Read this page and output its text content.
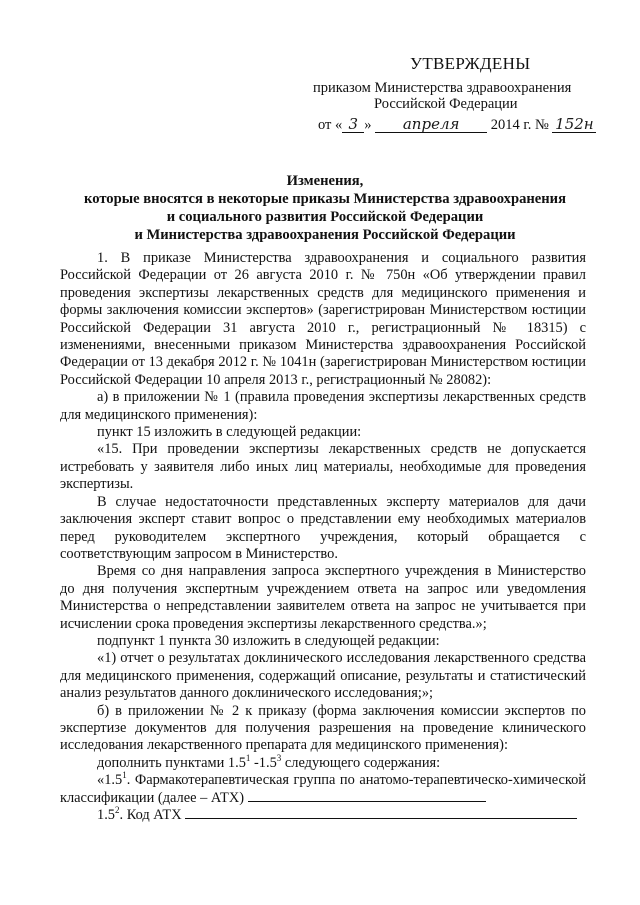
УТВЕРЖДЕНЫ
приказом Министерства здравоохранения
Российской Федерации
от « 3 » апреля 2014 г. № 152н
Изменения,
которые вносятся в некоторые приказы Министерства здравоохранения
и социального развития Российской Федерации
и Министерства здравоохранения Российской Федерации

1. В приказе Министерства здравоохранения и социального развития Российской Федерации от 26 августа 2010 г. № 750н «Об утверждении правил проведения экспертизы лекарственных средств для медицинского применения и формы заключения комиссии экспертов» (зарегистрирован Министерством юстиции Российской Федерации 31 августа 2010 г., регистрационный № 18315) с изменениями, внесенными приказом Министерства здравоохранения Российской Федерации от 13 декабря 2012 г. № 1041н (зарегистрирован Министерством юстиции Российской Федерации 10 апреля 2013 г., регистрационный № 28082):

а) в приложении № 1 (правила проведения экспертизы лекарственных средств для медицинского применения):

пункт 15 изложить в следующей редакции:

«15. При проведении экспертизы лекарственных средств не допускается истребовать у заявителя либо иных лиц материалы, необходимые для проведения экспертизы.

В случае недостаточности представленных эксперту материалов для дачи заключения эксперт ставит вопрос о представлении ему необходимых материалов перед руководителем экспертного учреждения, который обращается с соответствующим запросом в Министерство.

Время со дня направления запроса экспертного учреждения в Министерство до дня получения экспертным учреждением ответа на запрос или уведомления Министерства о непредставлении заявителем ответа на запрос не учитывается при исчислении срока проведения экспертизы лекарственного средства.»;

подпункт 1 пункта 30 изложить в следующей редакции:

«1) отчет о результатах доклинического исследования лекарственного средства для медицинского применения, содержащий описание, результаты и статистический анализ результатов данного доклинического исследования;»;

б) в приложении № 2 к приказу (форма заключения комиссии экспертов по экспертизе документов для получения разрешения на проведение клинического исследования лекарственного препарата для медицинского применения):

дополнить пунктами $1.5^1$ $-1.5^3$ следующего содержания:

«$1.5^1$. Фармакотерапевтическая группа по анатомо-терапевтическо-химической классификации (далее – АТХ)

$1.5^2$. Код АТХ
